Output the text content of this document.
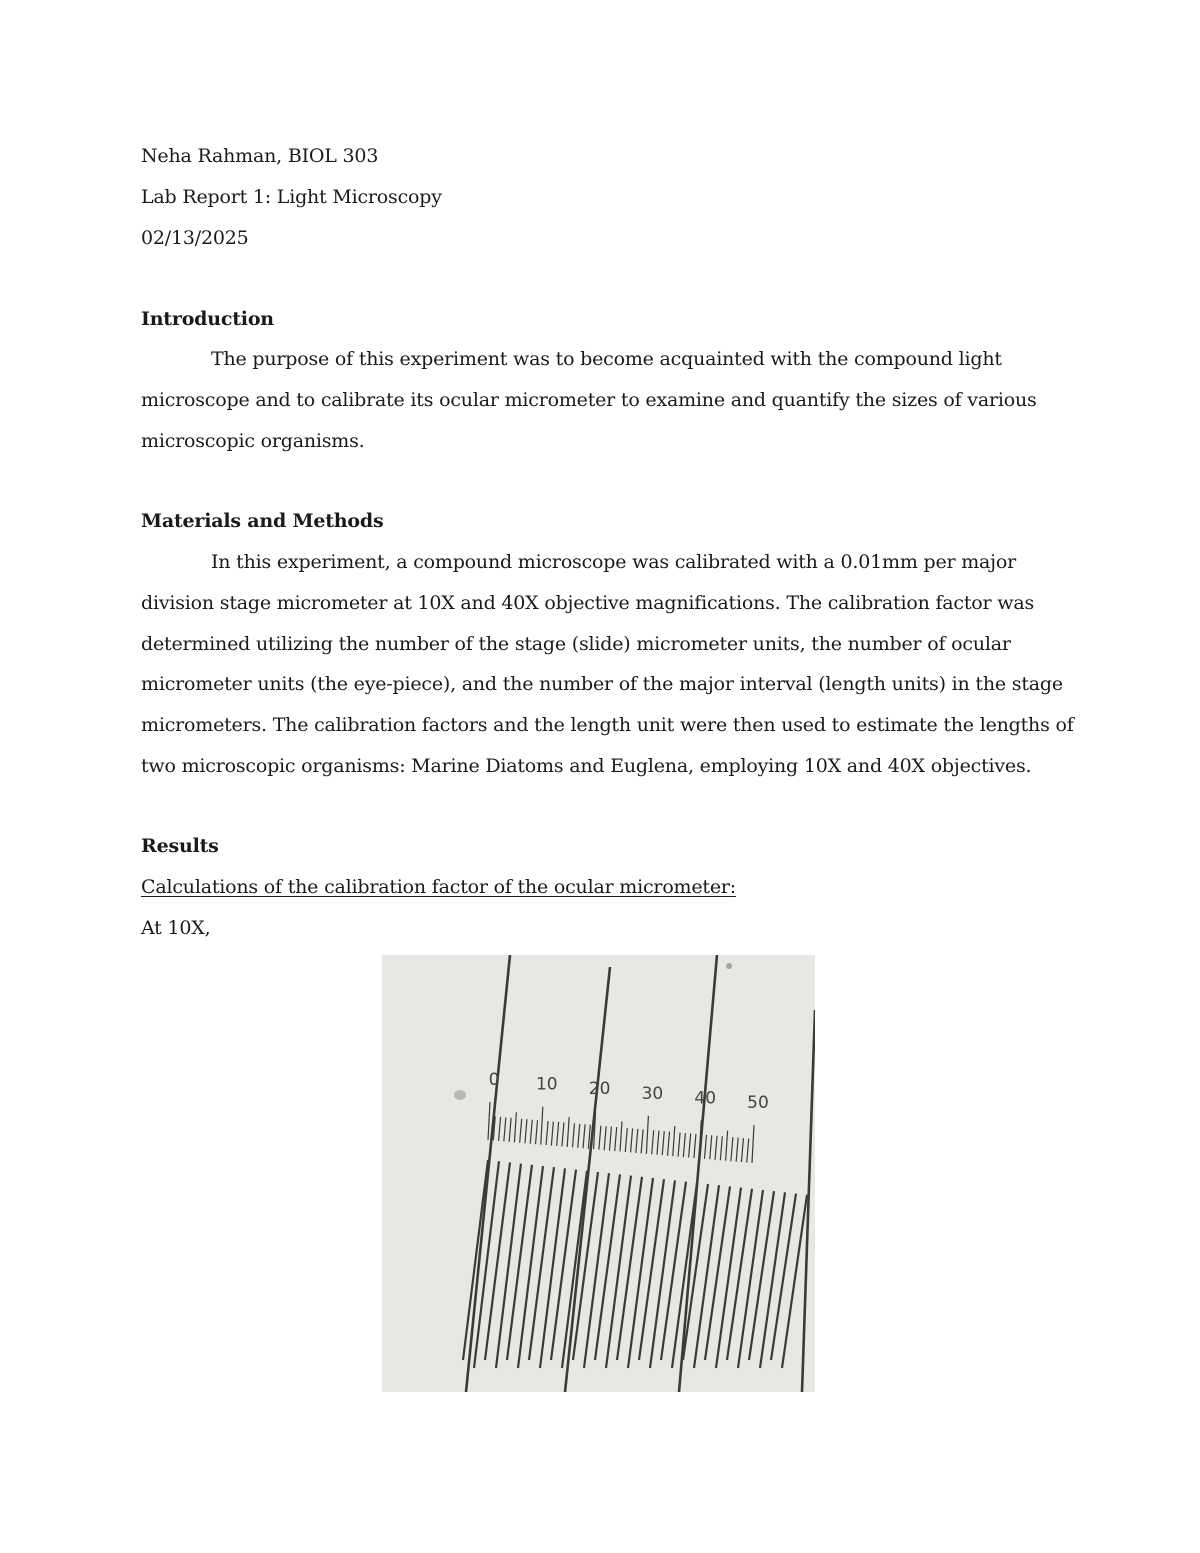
Neha Rahman, BIOL 303
Lab Report 1: Light Microscopy
02/13/2025
Introduction
The purpose of this experiment was to become acquainted with the compound light
microscope and to calibrate its ocular micrometer to examine and quantify the sizes of various
microscopic organisms.
Materials and Methods
In this experiment, a compound microscope was calibrated with a 0.01mm per major
division stage micrometer at 10X and 40X objective magnifications. The calibration factor was
determined utilizing the number of the stage (slide) micrometer units, the number of ocular
micrometer units (the eye-piece), and the number of the major interval (length units) in the stage
micrometers. The calibration factors and the length unit were then used to estimate the lengths of
two microscopic organisms: Marine Diatoms and Euglena, employing 10X and 40X objectives.
Results
Calculations of the calibration factor of the ocular micrometer:
At 10X,
0 10 20 30 40 50
